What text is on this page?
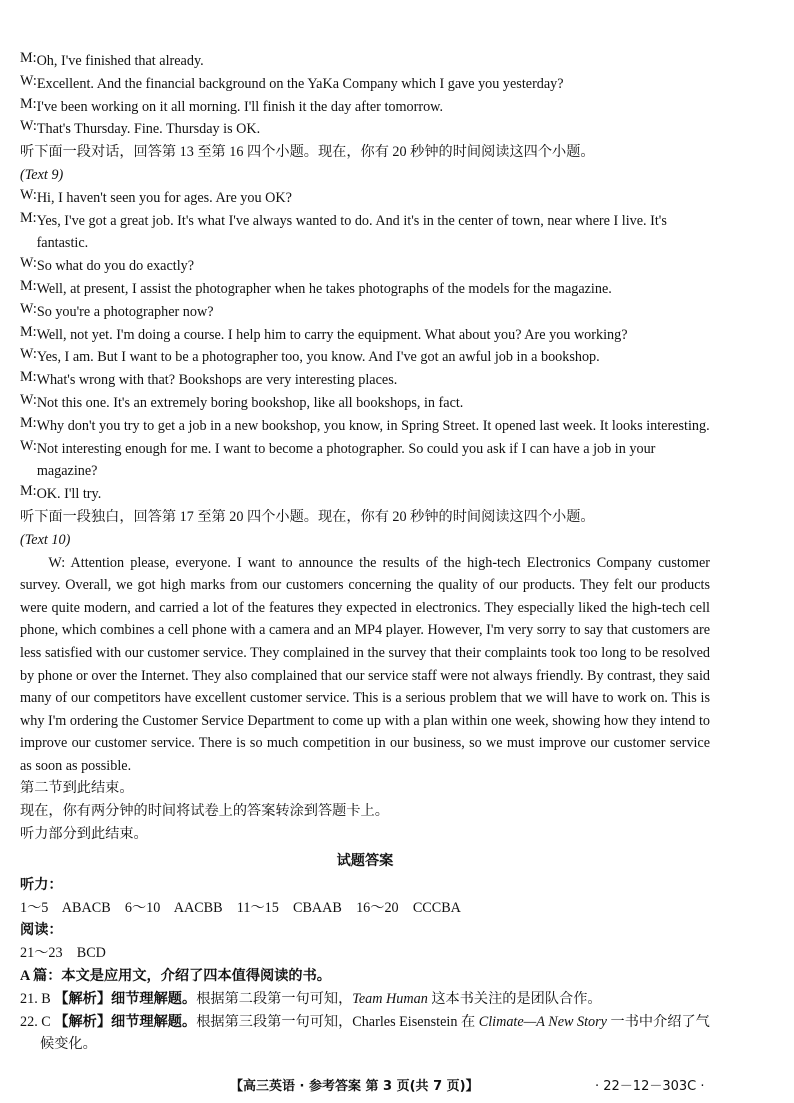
M: Oh, I've finished that already.
W: Excellent. And the financial background on the YaKa Company which I gave you yesterday?
M: I've been working on it all morning. I'll finish it the day after tomorrow.
W: That's Thursday. Fine. Thursday is OK.
听下面一段对话，回答第 13 至第 16 四个小题。现在，你有 20 秒钟的时间阅读这四个小题。
(Text 9)
W: Hi, I haven't seen you for ages. Are you OK?
M: Yes, I've got a great job. It's what I've always wanted to do. And it's in the center of town, near where I live. It's fantastic.
W: So what do you do exactly?
M: Well, at present, I assist the photographer when he takes photographs of the models for the magazine.
W: So you're a photographer now?
M: Well, not yet. I'm doing a course. I help him to carry the equipment. What about you? Are you working?
W: Yes, I am. But I want to be a photographer too, you know. And I've got an awful job in a bookshop.
M: What's wrong with that? Bookshops are very interesting places.
W: Not this one. It's an extremely boring bookshop, like all bookshops, in fact.
M: Why don't you try to get a job in a new bookshop, you know, in Spring Street. It opened last week. It looks interesting.
W: Not interesting enough for me. I want to become a photographer. So could you ask if I can have a job in your magazine?
M: OK. I'll try.
听下面一段独白，回答第 17 至第 20 四个小题。现在，你有 20 秒钟的时间阅读这四个小题。
(Text 10)
W: Attention please, everyone. I want to announce the results of the high-tech Electronics Company customer survey. Overall, we got high marks from our customers concerning the quality of our products. They felt our products were quite modern, and carried a lot of the features they expected in electronics. They especially liked the high-tech cell phone, which combines a cell phone with a camera and an MP4 player. However, I'm very sorry to say that customers are less satisfied with our customer service. They complained in the survey that their complaints took too long to be resolved by phone or over the Internet. They also complained that our service staff were not always friendly. By contrast, they said many of our competitors have excellent customer service. This is a serious problem that we will have to work on. This is why I'm ordering the Customer Service Department to come up with a plan within one week, showing how they intend to improve our customer service. There is so much competition in our business, so we must improve our customer service as soon as possible.
第二节到此结束。
现在，你有两分钟的时间将试卷上的答案转涂到答题卡上。
听力部分到此结束。
试题答案
听力：
1～5    ABACB    6～10    AACBB    11～15    CBAAB    16～20    CCCBA
阅读：
21～23    BCD
A 篇：本文是应用文，介绍了四本值得阅读的书。
21. B 【解析】细节理解题。根据第二段第一句可知，Team Human 这本书关注的是团队合作。
22. C 【解析】细节理解题。根据第三段第一句可知，Charles Eisenstein 在 Climate—A New Story 一书中介绍了气候变化。
【高三英语 · 参考答案 第 3 页(共 7 页)】	· 22－12－303C ·
